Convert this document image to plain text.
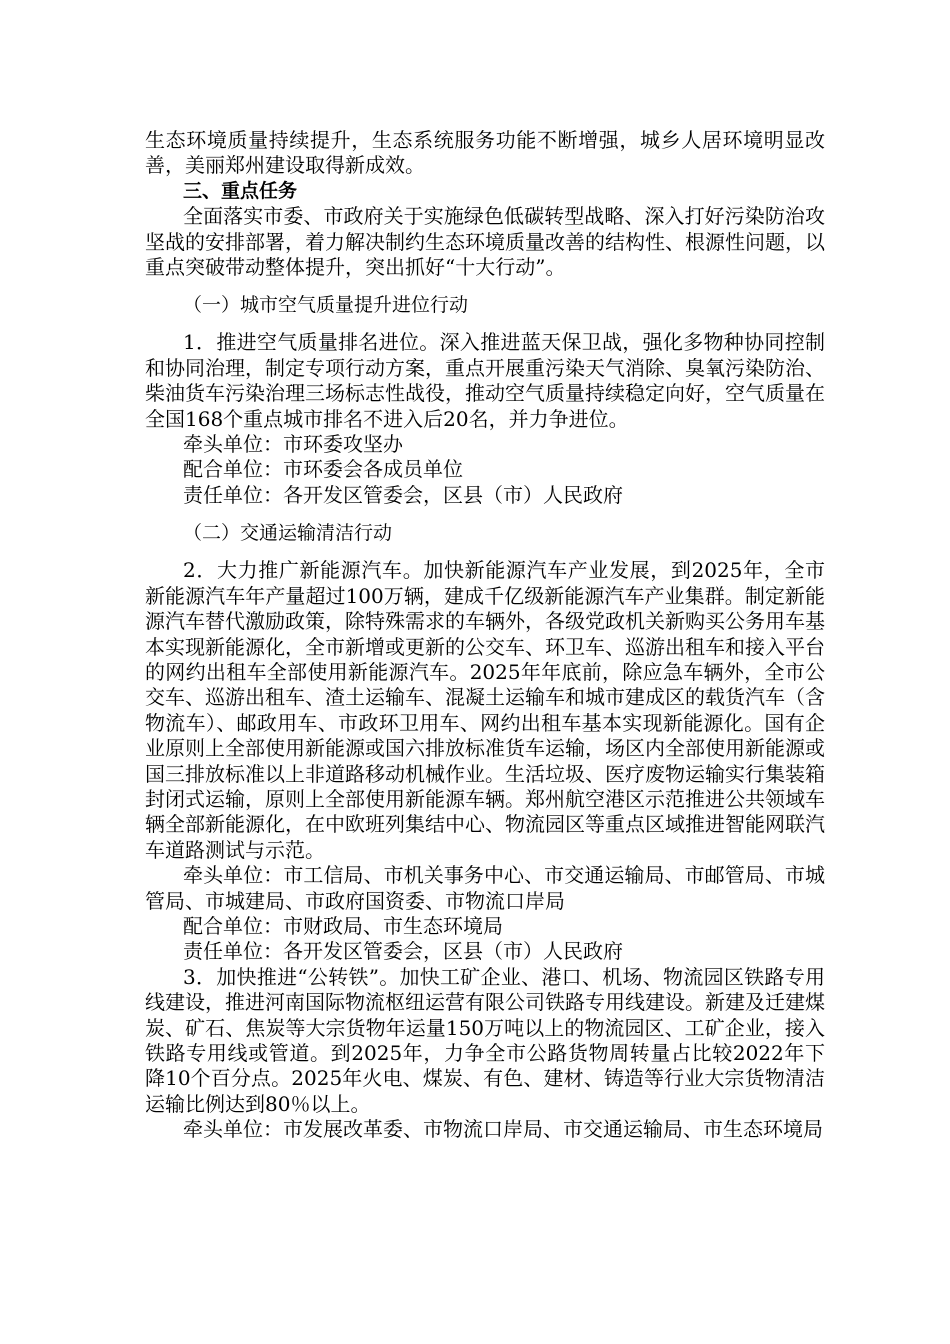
生态环境质量持续提升，生态系统服务功能不断增强，城乡人居环境明显改善，美丽郑州建设取得新成效。

三、重点任务

全面落实市委、市政府关于实施绿色低碳转型战略、深入打好污染防治攻坚战的安排部署，着力解决制约生态环境质量改善的结构性、根源性问题，以重点突破带动整体提升，突出抓好“十大行动”。

（一）城市空气质量提升进位行动

1．推进空气质量排名进位。深入推进蓝天保卫战，强化多物种协同控制和协同治理，制定专项行动方案，重点开展重污染天气消除、臭氧污染防治、柴油货车污染治理三场标志性战役，推动空气质量持续稳定向好，空气质量在全国168个重点城市排名不进入后20名，并力争进位。

牵头单位：市环委攻坚办

配合单位：市环委会各成员单位

责任单位：各开发区管委会，区县（市）人民政府

（二）交通运输清洁行动

2．大力推广新能源汽车。加快新能源汽车产业发展，到2025年，全市新能源汽车年产量超过100万辆，建成千亿级新能源汽车产业集群。制定新能源汽车替代激励政策，除特殊需求的车辆外，各级党政机关新购买公务用车基本实现新能源化，全市新增或更新的公交车、环卫车、巡游出租车和接入平台的网约出租车全部使用新能源汽车。2025年年底前，除应急车辆外，全市公交车、巡游出租车、渣土运输车、混凝土运输车和城市建成区的载货汽车（含物流车）、邮政用车、市政环卫用车、网约出租车基本实现新能源化。国有企业原则上全部使用新能源或国六排放标准货车运输，场区内全部使用新能源或国三排放标准以上非道路移动机械作业。生活垃圾、医疗废物运输实行集装箱封闭式运输，原则上全部使用新能源车辆。郑州航空港区示范推进公共领域车辆全部新能源化，在中欧班列集结中心、物流园区等重点区域推进智能网联汽车道路测试与示范。

牵头单位：市工信局、市机关事务中心、市交通运输局、市邮管局、市城管局、市城建局、市政府国资委、市物流口岸局

配合单位：市财政局、市生态环境局

责任单位：各开发区管委会，区县（市）人民政府

3．加快推进“公转铁”。加快工矿企业、港口、机场、物流园区铁路专用线建设，推进河南国际物流枢纽运营有限公司铁路专用线建设。新建及迁建煤炭、矿石、焦炭等大宗货物年运量150万吨以上的物流园区、工矿企业，接入铁路专用线或管道。到2025年，力争全市公路货物周转量占比较2022年下降10个百分点。2025年火电、煤炭、有色、建材、铸造等行业大宗货物清洁运输比例达到80％以上。

牵头单位：市发展改革委、市物流口岸局、市交通运输局、市生态环境局
